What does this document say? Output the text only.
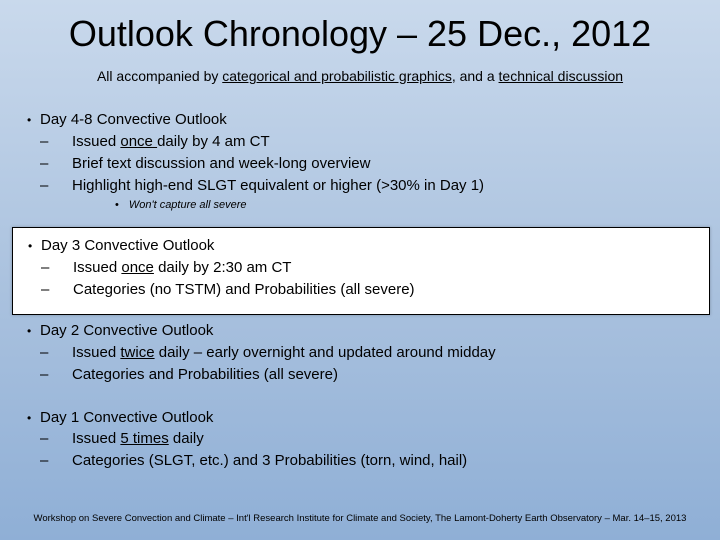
Outlook Chronology – 25 Dec., 2012
All accompanied by categorical and probabilistic graphics, and a technical discussion
• Day 4-8 Convective Outlook
– Issued once daily by 4 am CT
– Brief text discussion and week-long overview
– Highlight high-end SLGT equivalent or higher (>30% in Day 1)
• Won't capture all severe
• Day 3 Convective Outlook
– Issued once daily by 2:30 am CT
– Categories (no TSTM) and Probabilities (all severe)
• Day 2 Convective Outlook
– Issued twice daily – early overnight and updated around midday
– Categories and Probabilities (all severe)
• Day 1 Convective Outlook
– Issued 5 times daily
– Categories (SLGT, etc.) and 3 Probabilities (torn, wind, hail)
Workshop on Severe Convection and Climate – Int'l Research Institute for Climate and Society, The Lamont-Doherty Earth Observatory – Mar. 14–15, 2013
